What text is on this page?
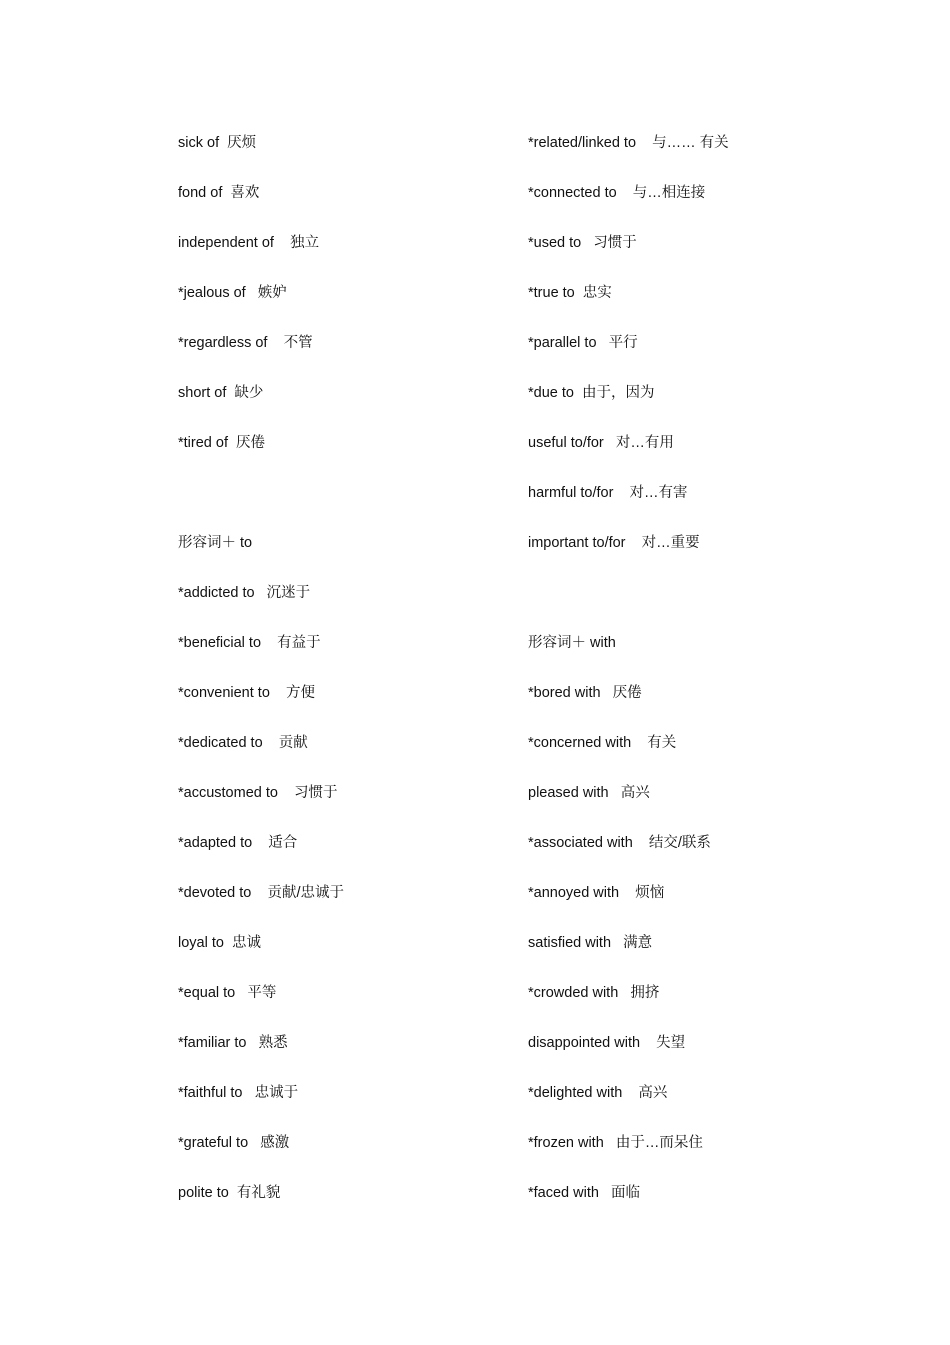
sick of  厌烦
fond of  喜欢
independent of    独立
*jealous of   嫉妒
*regardless of    不管
short of  缺少
*tired of  厌倦
形容词＋ to
*addicted to   沉迷于
*beneficial to    有益于
*convenient to    方便
*dedicated to    贡献
*accustomed to    习惯于
*adapted to    适合
*devoted to    贡献/忠诚于
loyal to  忠诚
*equal to   平等
*familiar to   熟悉
*faithful to   忠诚于
*grateful to   感激
polite to  有礼貌
*related/linked to    与…… 有关
*connected to    与…相连接
*used to   习惯于
*true to  忠实
*parallel to   平行
*due to  由于，因为
useful to/for   对…有用
harmful to/for    对…有害
important to/for    对…重要
形容词＋ with
*bored with   厌倦
*concerned with    有关
pleased with   高兴
*associated with    结交/联系
*annoyed with    烦恼
satisfied with   满意
*crowded with   拥挤
disappointed with    失望
*delighted with    高兴
*frozen with   由于…而呆住
*faced with   面临
